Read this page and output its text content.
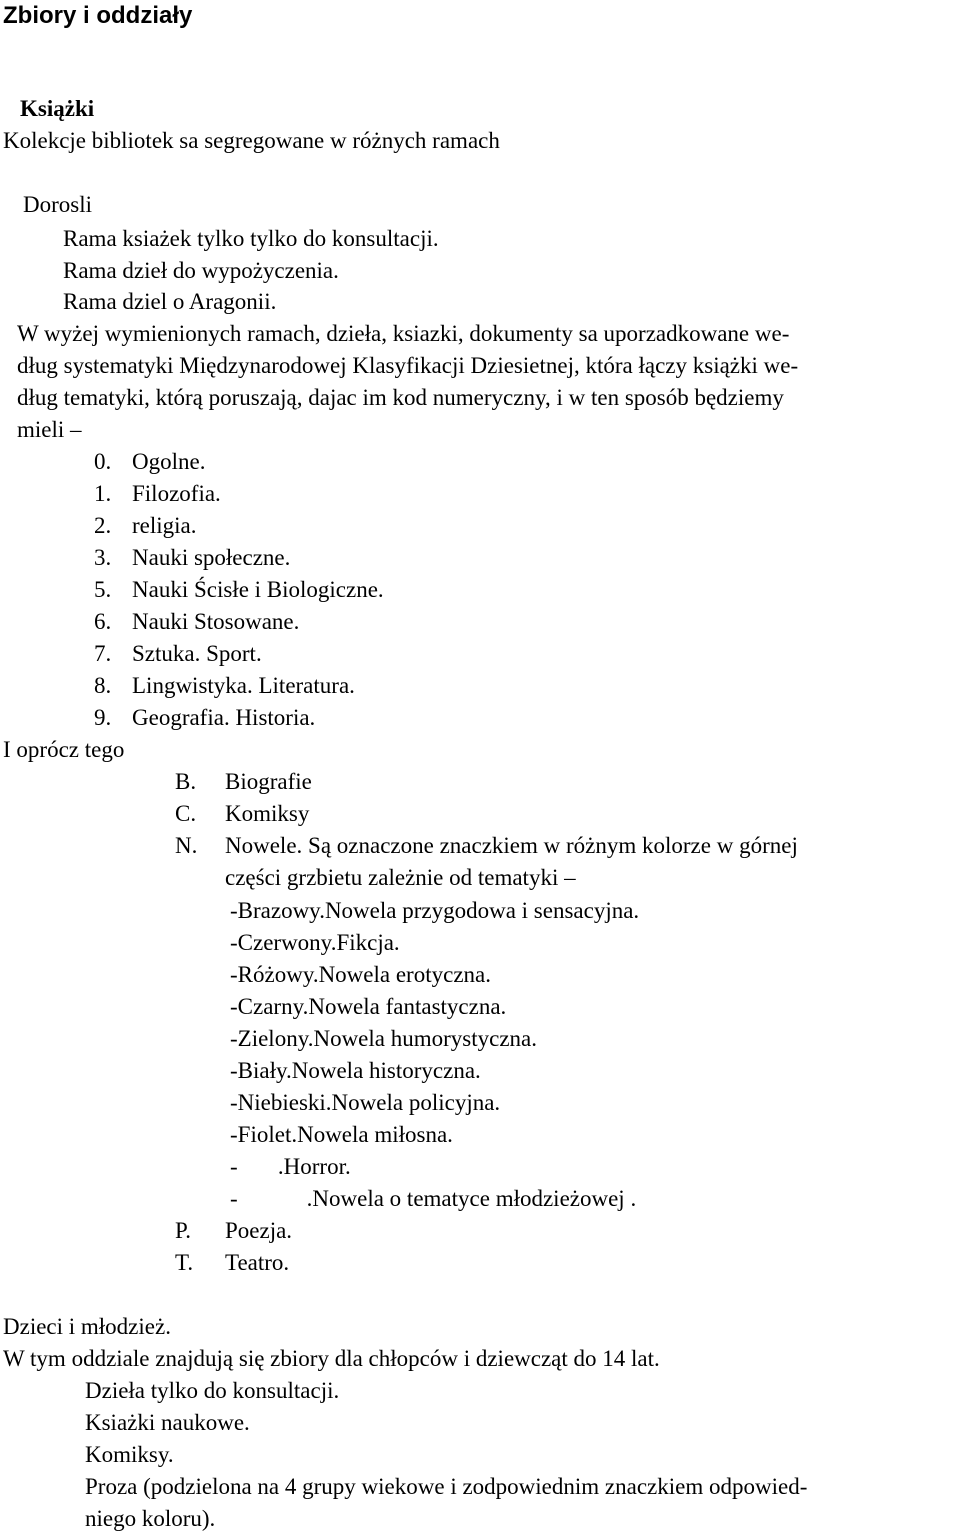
Zbiory i oddziały
Książki
Kolekcje bibliotek sa segregowane w różnych ramach
Dorosli
Rama ksiażek tylko tylko do konsultacji.
Rama dzieł do wypożyczenia.
Rama dziel o Aragonii.
W wyżej wymienionych ramach, dzieła, ksiazki, dokumenty sa uporzadkowane we-
dług systematyki Międzynarodowej Klasyfikacji Dziesietnej, która łączy książki we-
dług tematyki, którą poruszają, dajac im kod numeryczny, i w ten sposób będziemy
mieli –
0. Ogolne.
1. Filozofia.
2. religia.
3. Nauki społeczne.
5. Nauki Ścisłe i Biologiczne.
6. Nauki Stosowane.
7. Sztuka. Sport.
8. Lingwistyka. Literatura.
9. Geografia. Historia.
I oprócz tego
B. Biografie
C. Komiksy
N. Nowele. Są oznaczone znaczkiem w różnym kolorze w górnej
części grzbietu zależnie od tematyki –
-Brazowy.Nowela przygodowa i sensacyjna.
-Czerwony.Fikcja.
-Różowy.Nowela erotyczna.
-Czarny.Nowela fantastyczna.
-Zielony.Nowela humorystyczna.
-Biały.Nowela historyczna.
-Niebieski.Nowela policyjna.
-Fiolet.Nowela miłosna.
-       .Horror.
-            .Nowela o tematyce młodzieżowej .
P. Poezja.
T. Teatro.
Dzieci i młodzież.
W tym oddziale znajdują się zbiory dla chłopców i dziewcząt do 14 lat.
Dzieła tylko do konsultacji.
Ksiażki naukowe.
Komiksy.
Proza (podzielona na 4 grupy wiekowe i zodpowiednim znaczkiem odpowied-
niego koloru).
